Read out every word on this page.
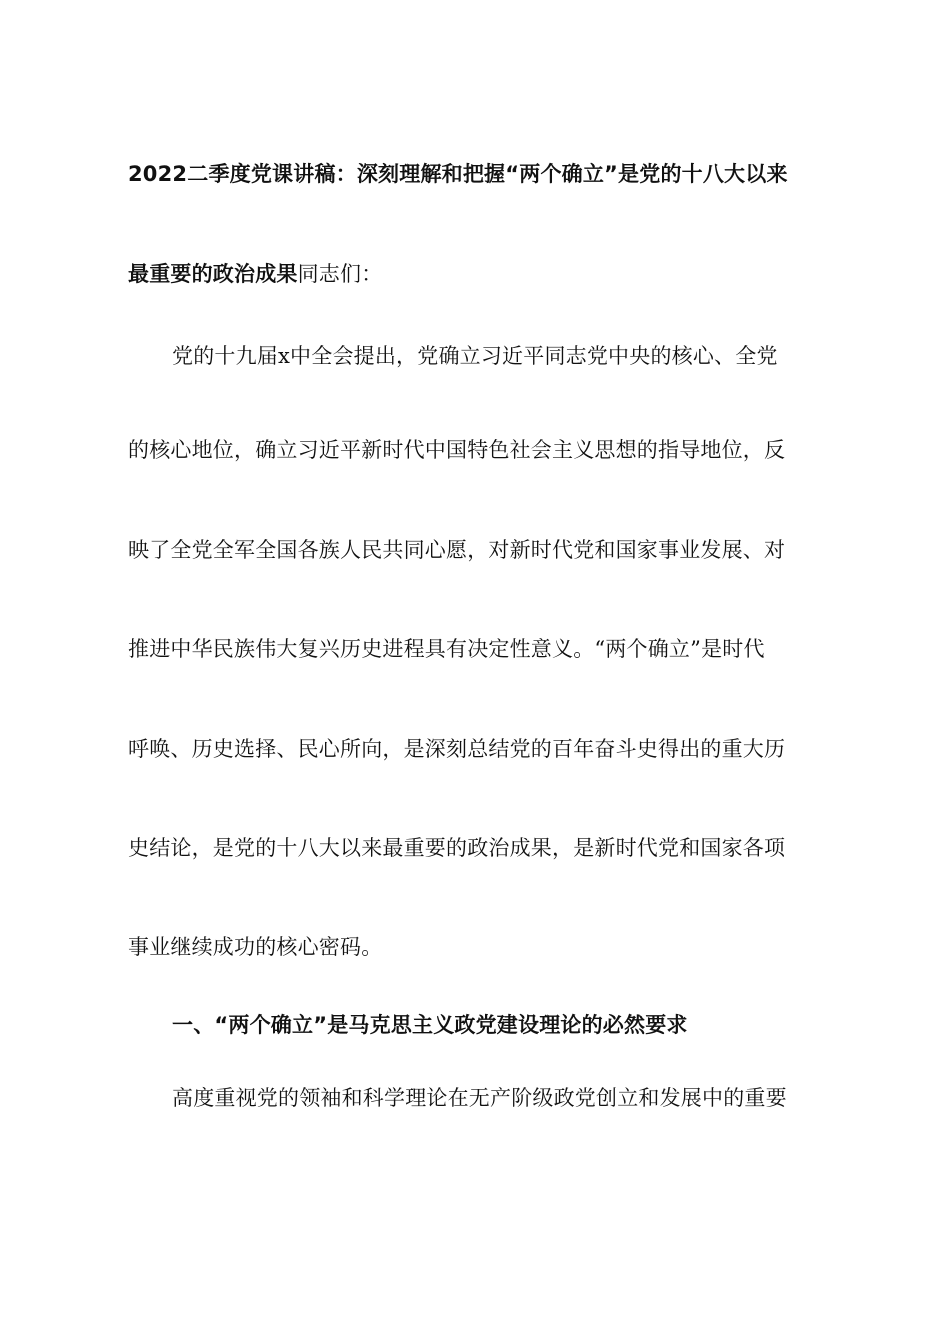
2022二季度党课讲稿：深刻理解和把握“两个确立”是党的十八大以来
最重要的政治成果同志们：
党的十九届x中全会提出，党确立习近平同志党中央的核心、全党
的核心地位，确立习近平新时代中国特色社会主义思想的指导地位，反
映了全党全军全国各族人民共同心愿，对新时代党和国家事业发展、对
推进中华民族伟大复兴历史进程具有决定性意义。“两个确立”是时代
呼唤、历史选择、民心所向，是深刻总结党的百年奋斗史得出的重大历
史结论，是党的十八大以来最重要的政治成果，是新时代党和国家各项
事业继续成功的核心密码。
一、“两个确立”是马克思主义政党建设理论的必然要求
高度重视党的领袖和科学理论在无产阶级政党创立和发展中的重要
